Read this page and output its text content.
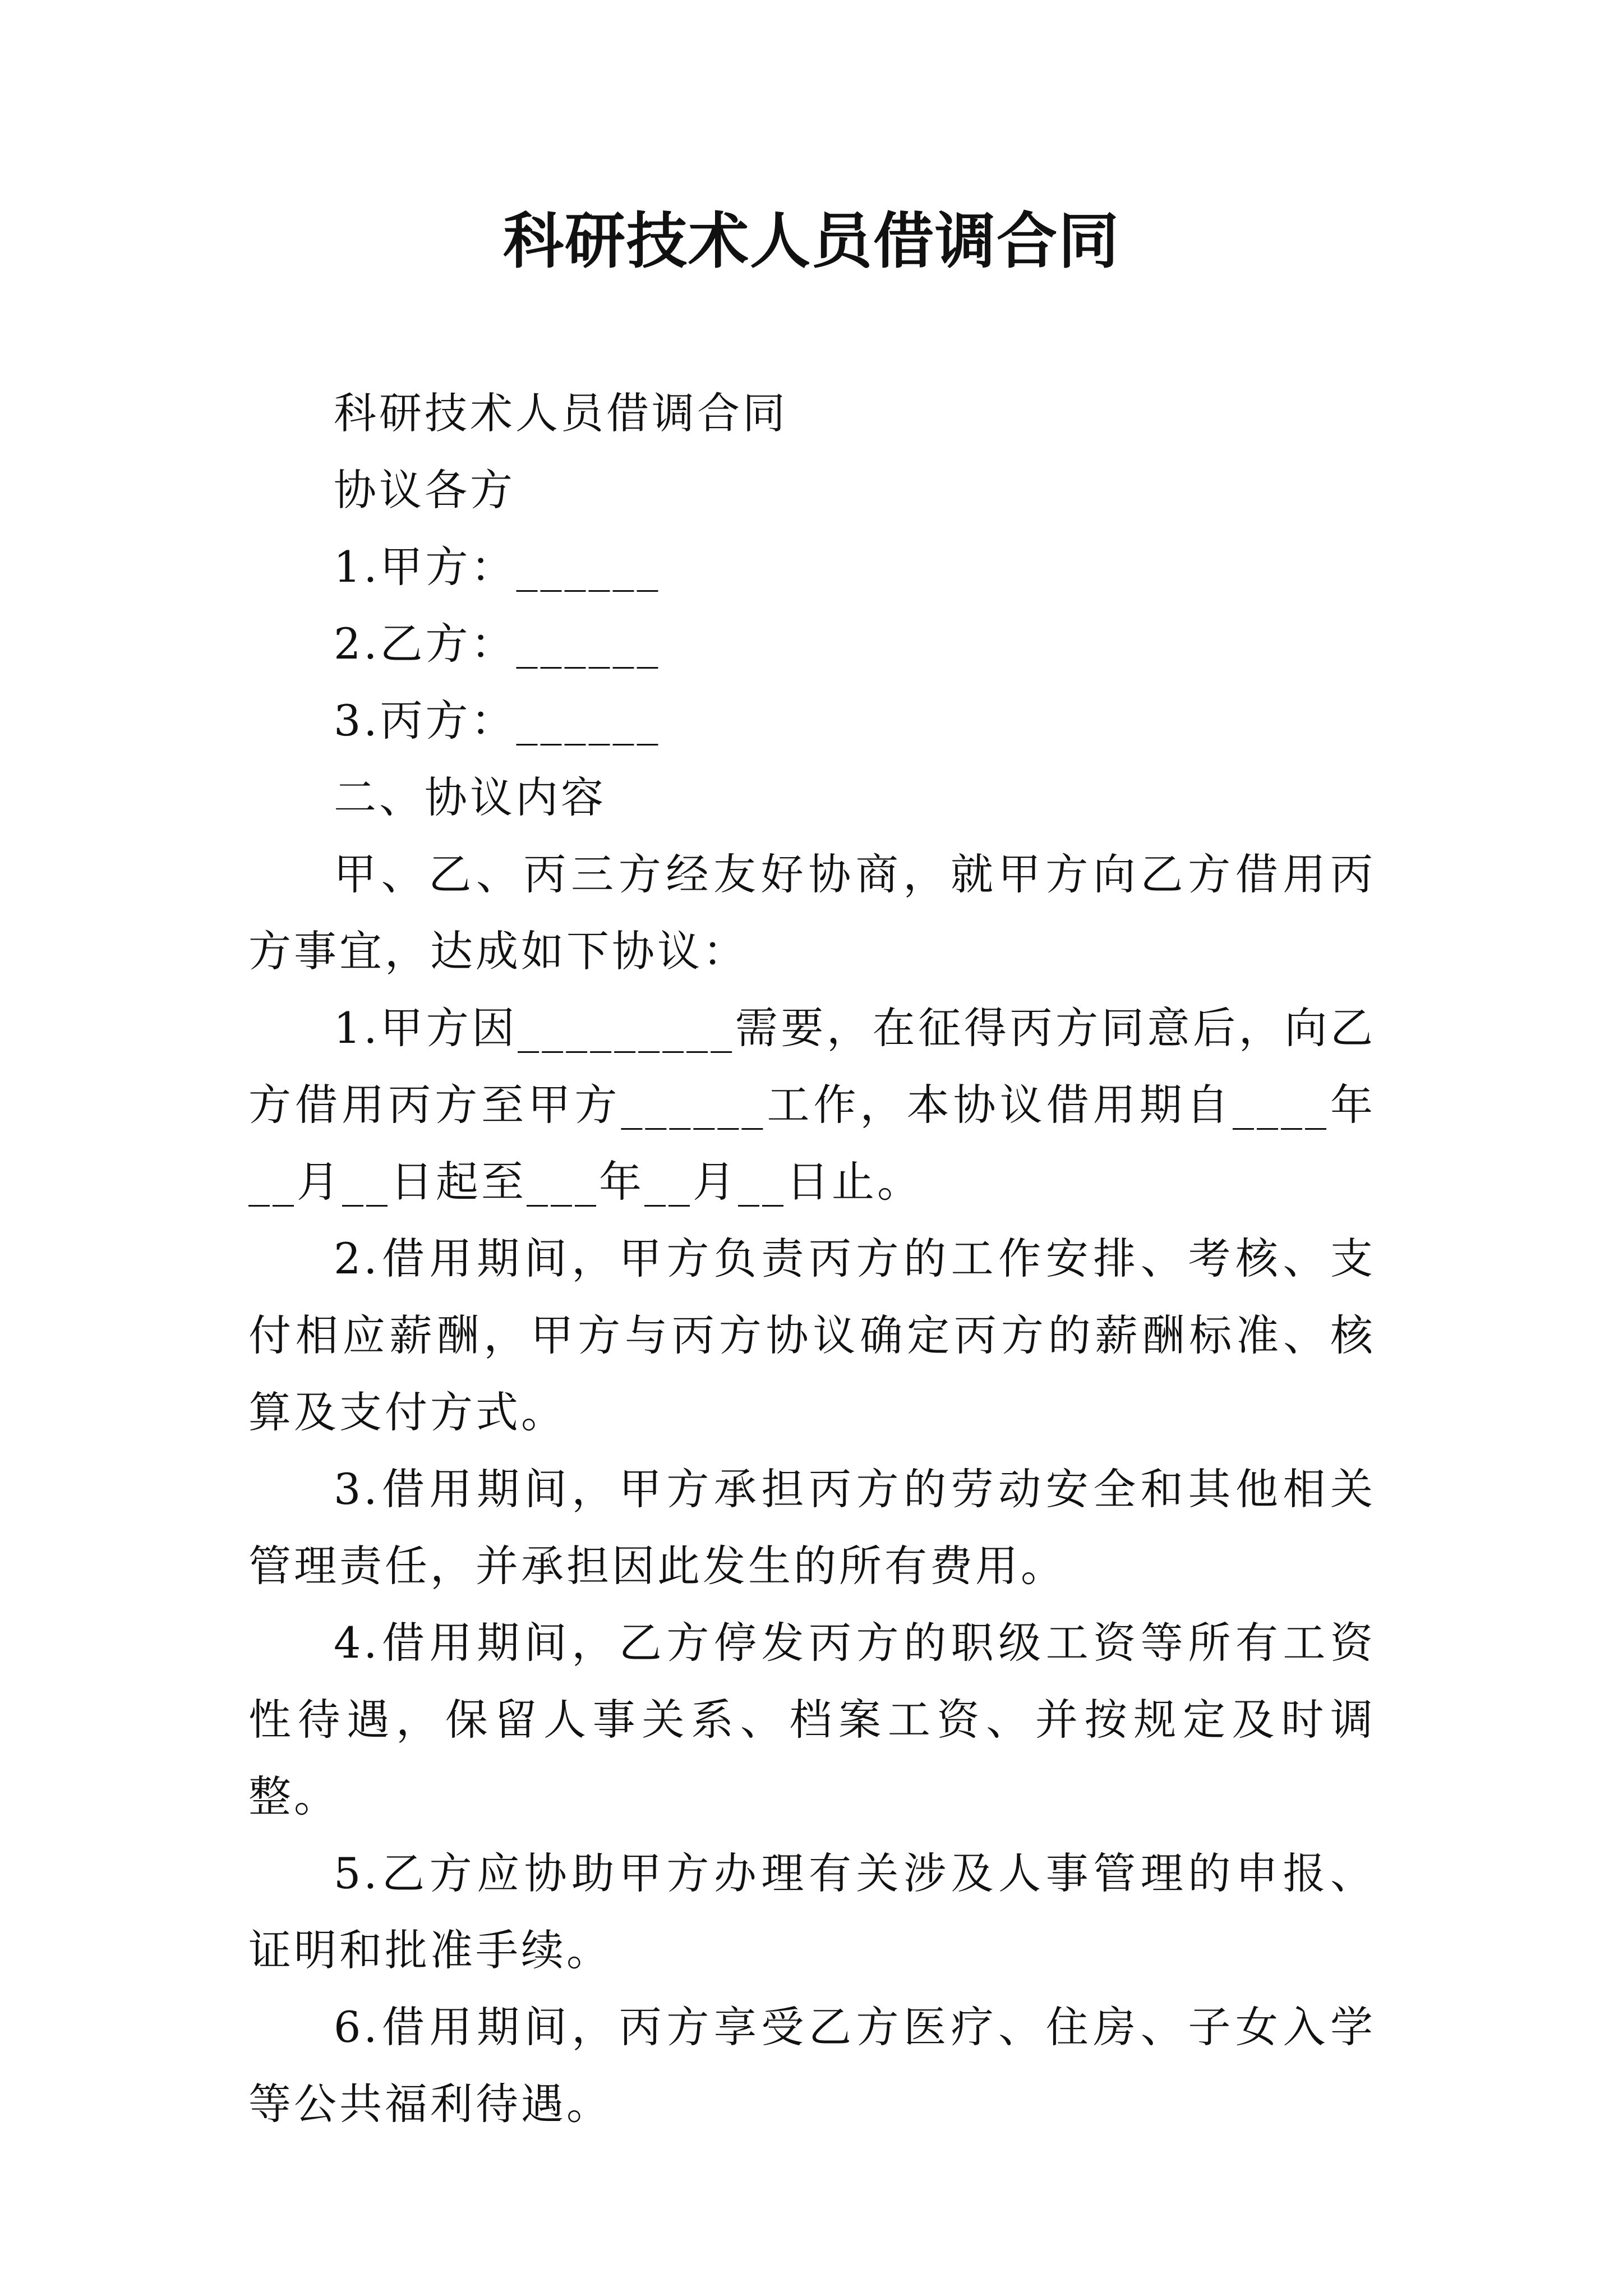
科研技术人员借调合同

科研技术人员借调合同

协议各方

1.甲方：______

2.乙方：______

3.丙方：______

二、协议内容

甲、乙、丙三方经友好协商，就甲方向乙方借用丙方事宜，达成如下协议：

1.甲方因_________需要，在征得丙方同意后，向乙方借用丙方至甲方______工作，本协议借用期自____年__月__日起至___年__月__日止。

2.借用期间，甲方负责丙方的工作安排、考核、支付相应薪酬，甲方与丙方协议确定丙方的薪酬标准、核算及支付方式。

3.借用期间，甲方承担丙方的劳动安全和其他相关管理责任，并承担因此发生的所有费用。

4.借用期间，乙方停发丙方的职级工资等所有工资性待遇，保留人事关系、档案工资、并按规定及时调整。

5.乙方应协助甲方办理有关涉及人事管理的申报、证明和批准手续。

6.借用期间，丙方享受乙方医疗、住房、子女入学等公共福利待遇。
